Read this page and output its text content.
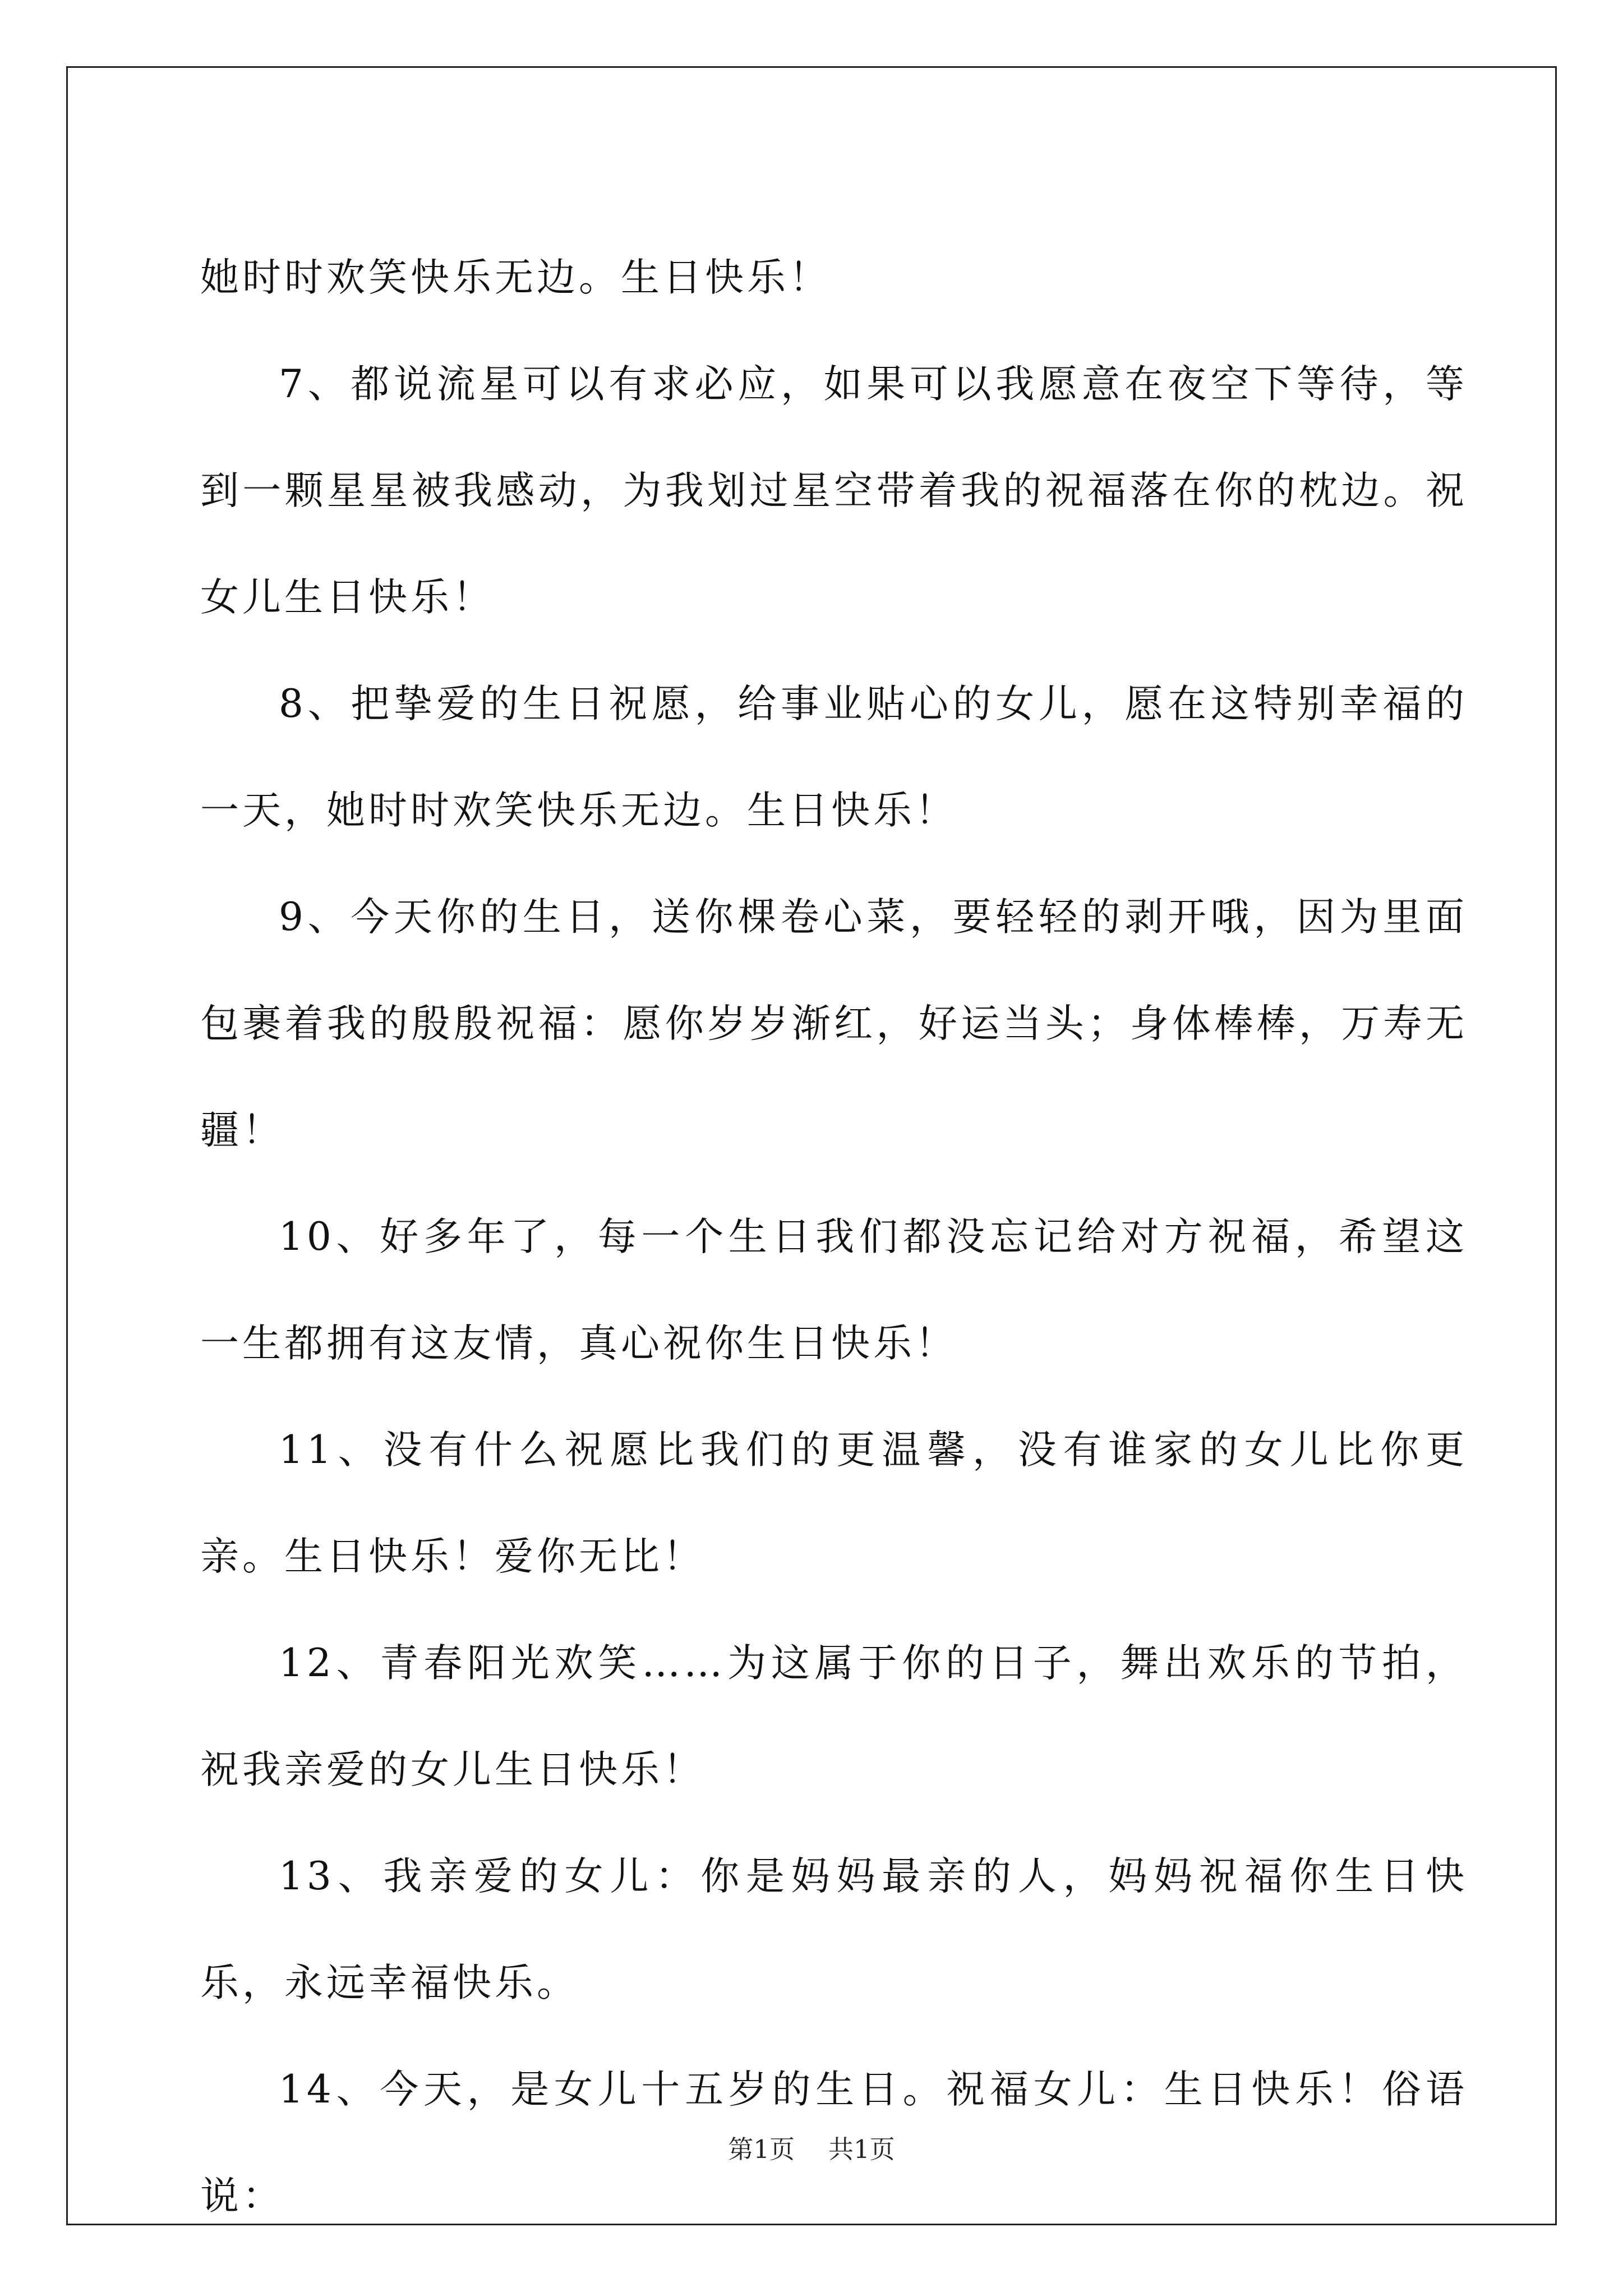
她时时欢笑快乐无边。生日快乐！

7、都说流星可以有求必应，如果可以我愿意在夜空下等待，等到一颗星星被我感动，为我划过星空带着我的祝福落在你的枕边。祝女儿生日快乐！

8、把挚爱的生日祝愿，给事业贴心的女儿，愿在这特别幸福的一天，她时时欢笑快乐无边。生日快乐！

9、今天你的生日，送你棵卷心菜，要轻轻的剥开哦，因为里面包裹着我的殷殷祝福：愿你岁岁渐红，好运当头；身体棒棒，万寿无疆！

10、好多年了，每一个生日我们都没忘记给对方祝福，希望这一生都拥有这友情，真心祝你生日快乐！

11、没有什么祝愿比我们的更温馨，没有谁家的女儿比你更亲。生日快乐！爱你无比！

12、青春阳光欢笑……为这属于你的日子，舞出欢乐的节拍，祝我亲爱的女儿生日快乐！

13、我亲爱的女儿：你是妈妈最亲的人，妈妈祝福你生日快乐，永远幸福快乐。

14、今天，是女儿十五岁的生日。祝福女儿：生日快乐！俗语说：

第1页 共1页
